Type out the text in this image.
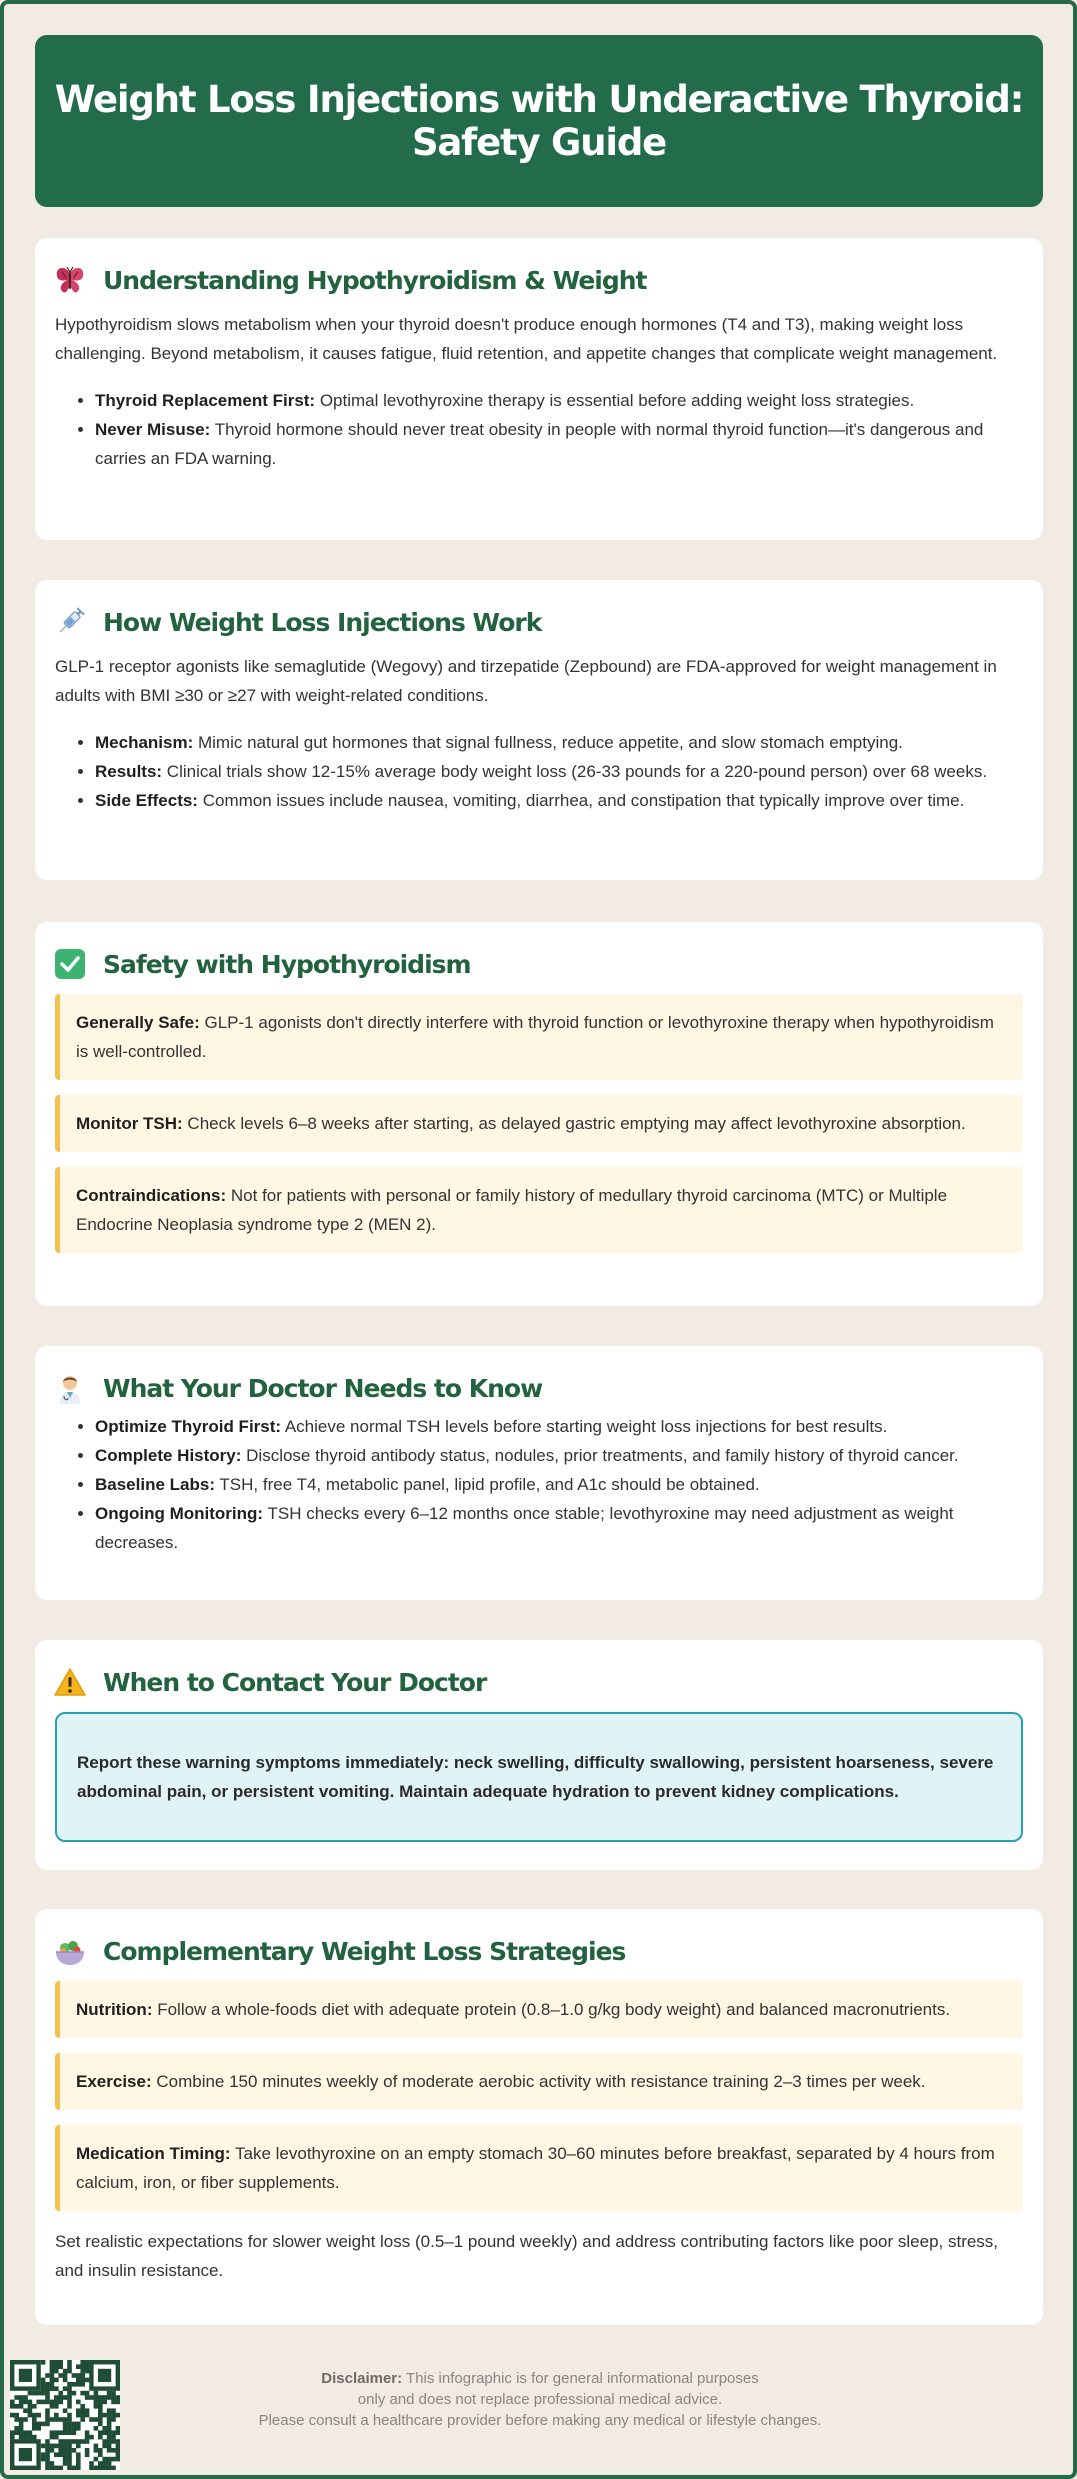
Weight Loss Injections with Underactive Thyroid: Safety Guide
Understanding Hypothyroidism & Weight

Hypothyroidism slows metabolism when your thyroid doesn't produce enough hormones (T4 and T3), making weight loss challenging. Beyond metabolism, it causes fatigue, fluid retention, and appetite changes that complicate weight management.

• Thyroid Replacement First: Optimal levothyroxine therapy is essential before adding weight loss strategies.
• Never Misuse: Thyroid hormone should never treat obesity in people with normal thyroid function—it's dangerous and carries an FDA warning.
How Weight Loss Injections Work

GLP-1 receptor agonists like semaglutide (Wegovy) and tirzepatide (Zepbound) are FDA-approved for weight management in adults with BMI ≥30 or ≥27 with weight-related conditions.

• Mechanism: Mimic natural gut hormones that signal fullness, reduce appetite, and slow stomach emptying.
• Results: Clinical trials show 12-15% average body weight loss (26-33 pounds for a 220-pound person) over 68 weeks.
• Side Effects: Common issues include nausea, vomiting, diarrhea, and constipation that typically improve over time.
Safety with Hypothyroidism
Generally Safe: GLP-1 agonists don't directly interfere with thyroid function or levothyroxine therapy when hypothyroidism is well-controlled.
Monitor TSH: Check levels 6–8 weeks after starting, as delayed gastric emptying may affect levothyroxine absorption.
Contraindications: Not for patients with personal or family history of medullary thyroid carcinoma (MTC) or Multiple Endocrine Neoplasia syndrome type 2 (MEN 2).
What Your Doctor Needs to Know
• Optimize Thyroid First: Achieve normal TSH levels before starting weight loss injections for best results.
• Complete History: Disclose thyroid antibody status, nodules, prior treatments, and family history of thyroid cancer.
• Baseline Labs: TSH, free T4, metabolic panel, lipid profile, and A1c should be obtained.
• Ongoing Monitoring: TSH checks every 6–12 months once stable; levothyroxine may need adjustment as weight decreases.
When to Contact Your Doctor
Report these warning symptoms immediately: neck swelling, difficulty swallowing, persistent hoarseness, severe abdominal pain, or persistent vomiting. Maintain adequate hydration to prevent kidney complications.
Complementary Weight Loss Strategies
Nutrition: Follow a whole-foods diet with adequate protein (0.8–1.0 g/kg body weight) and balanced macronutrients.
Exercise: Combine 150 minutes weekly of moderate aerobic activity with resistance training 2–3 times per week.
Medication Timing: Take levothyroxine on an empty stomach 30–60 minutes before breakfast, separated by 4 hours from calcium, iron, or fiber supplements.

Set realistic expectations for slower weight loss (0.5–1 pound weekly) and address contributing factors like poor sleep, stress, and insulin resistance.

Disclaimer: This infographic is for general informational purposes
only and does not replace professional medical advice.
Please consult a healthcare provider before making any medical or lifestyle changes.
